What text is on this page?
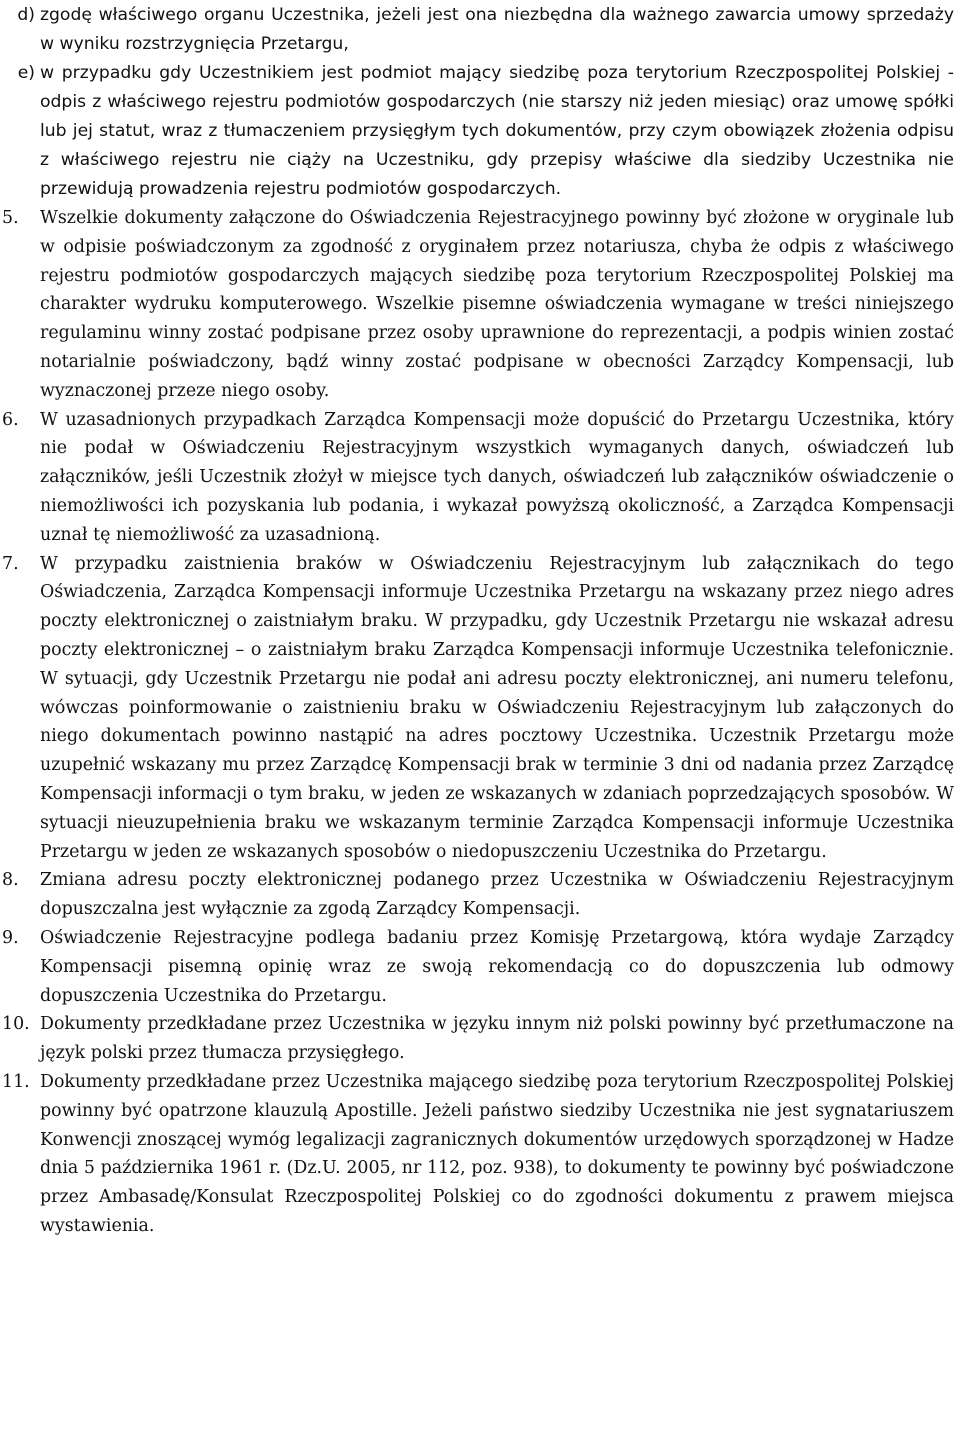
d) zgodę właściwego organu Uczestnika, jeżeli jest ona niezbędna dla ważnego zawarcia umowy sprzedaży w wyniku rozstrzygnięcia Przetargu,
e) w przypadku gdy Uczestnikiem jest podmiot mający siedzibę poza terytorium Rzeczpospolitej Polskiej - odpis z właściwego rejestru podmiotów gospodarczych (nie starszy niż jeden miesiąc) oraz umowę spółki lub jej statut, wraz z tłumaczeniem przysięgłym tych dokumentów, przy czym obowiązek złożenia odpisu z właściwego rejestru nie ciąży na Uczestniku, gdy przepisy właściwe dla siedziby Uczestnika nie przewidują prowadzenia rejestru podmiotów gospodarczych.
5.	Wszelkie dokumenty załączone do Oświadczenia Rejestracyjnego powinny być złożone w oryginale lub w odpisie poświadczonym za zgodność z oryginałem przez notariusza, chyba że odpis z właściwego rejestru podmiotów gospodarczych mających siedzibę poza terytorium Rzeczpospolitej Polskiej ma charakter wydruku komputerowego. Wszelkie pisemne oświadczenia wymagane w treści niniejszego regulaminu winny zostać podpisane przez osoby uprawnione do reprezentacji, a podpis winien zostać notarialnie poświadczony, bądź winny zostać podpisane w obecności Zarządcy Kompensacji, lub wyznaczonej przeze niego osoby.
6.	W uzasadnionych przypadkach Zarządca Kompensacji może dopuścić do Przetargu Uczestnika, który nie podał w Oświadczeniu Rejestracyjnym wszystkich wymaganych danych, oświadczeń lub załączników, jeśli Uczestnik złożył w miejsce tych danych, oświadczeń lub załączników oświadczenie o niemożliwości ich pozyskania lub podania, i wykazał powyższą okoliczność, a Zarządca Kompensacji uznał tę niemożliwość za uzasadnioną.
7.	W przypadku zaistnienia braków w Oświadczeniu Rejestracyjnym lub załącznikach do tego Oświadczenia, Zarządca Kompensacji informuje Uczestnika Przetargu na wskazany przez niego adres poczty elektronicznej o zaistniałym braku. W przypadku, gdy Uczestnik Przetargu nie wskazał adresu poczty elektronicznej – o zaistniałym braku Zarządca Kompensacji informuje Uczestnika telefonicznie. W sytuacji, gdy Uczestnik Przetargu nie podał ani adresu poczty elektronicznej, ani numeru telefonu, wówczas poinformowanie o zaistnieniu braku w Oświadczeniu Rejestracyjnym lub załączonych do niego dokumentach powinno nastąpić na adres pocztowy Uczestnika. Uczestnik Przetargu może uzupełnić wskazany mu przez Zarządcę Kompensacji brak w terminie 3 dni od nadania przez Zarządcę Kompensacji informacji o tym braku, w jeden ze wskazanych w zdaniach poprzedzających sposobów. W sytuacji nieuzupełnienia braku we wskazanym terminie Zarządca Kompensacji informuje Uczestnika Przetargu w jeden ze wskazanych sposobów o niedopuszczeniu Uczestnika do Przetargu.
8.	Zmiana adresu poczty elektronicznej podanego przez Uczestnika w Oświadczeniu Rejestracyjnym dopuszczalna jest wyłącznie za zgodą Zarządcy Kompensacji.
9.	Oświadczenie Rejestracyjne podlega badaniu przez Komisję Przetargową, która wydaje Zarządcy Kompensacji pisemną opinię wraz ze swoją rekomendacją co do dopuszczenia lub odmowy dopuszczenia Uczestnika do Przetargu.
10. Dokumenty przedkładane przez Uczestnika w języku innym niż polski powinny być przetłumaczone na język polski przez tłumacza przysięgłego.
11. Dokumenty przedkładane przez Uczestnika mającego siedzibę poza terytorium Rzeczpospolitej Polskiej powinny być opatrzone klauzulą Apostille. Jeżeli państwo siedziby Uczestnika nie jest sygnatariuszem Konwencji znoszącej wymóg legalizacji zagranicznych dokumentów urzędowych sporządzonej w Hadze dnia 5 października 1961 r. (Dz.U. 2005, nr 112, poz. 938), to dokumenty te powinny być poświadczone przez Ambasadę/Konsulat Rzeczpospolitej Polskiej co do zgodności dokumentu z prawem miejsca wystawienia.
